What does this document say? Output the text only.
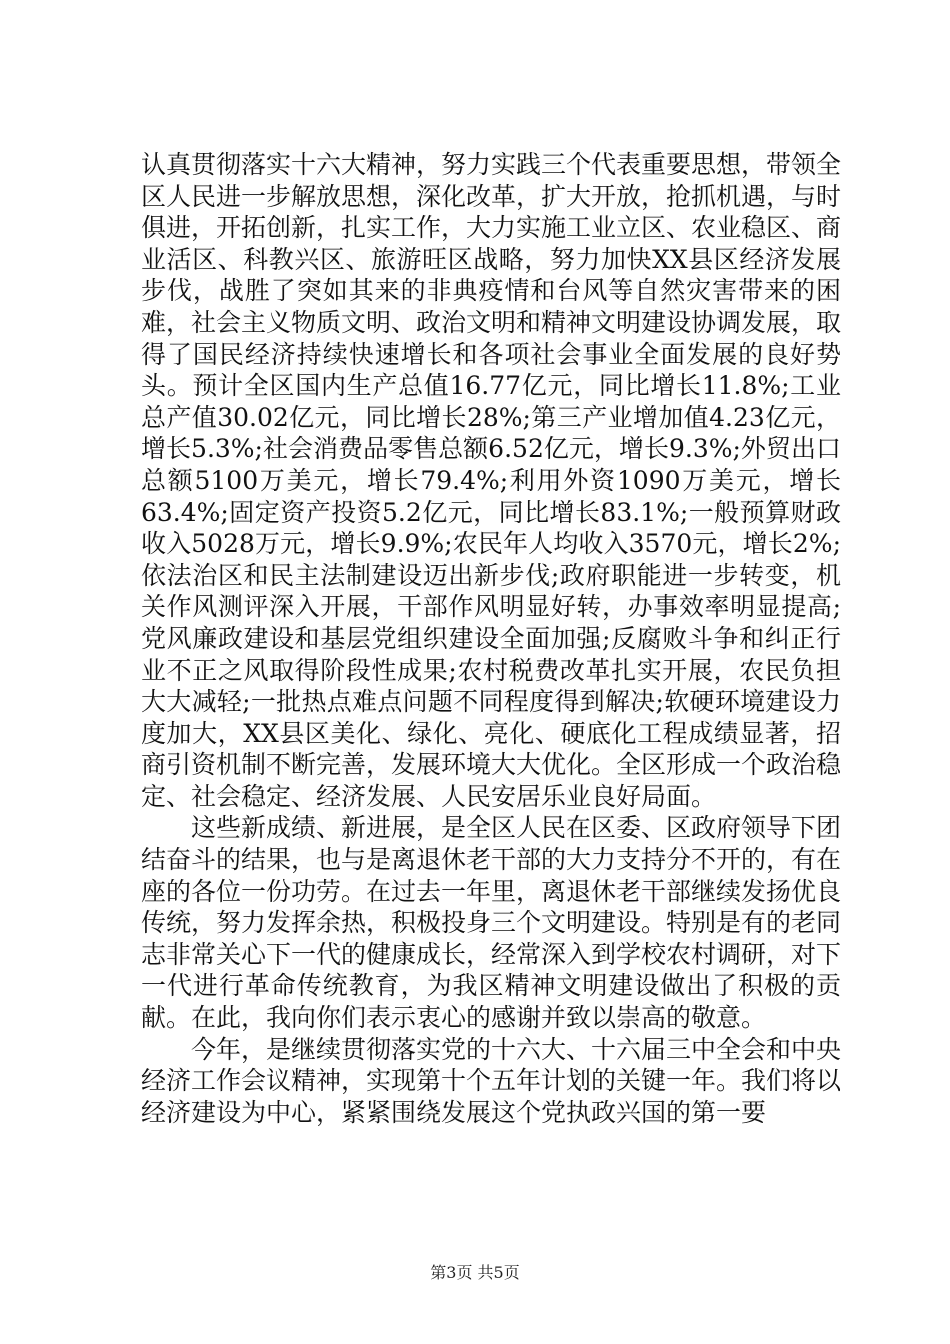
认真贯彻落实十六大精神，努力实践三个代表重要思想，带领全区人民进一步解放思想，深化改革，扩大开放，抢抓机遇，与时俱进，开拓创新，扎实工作，大力实施工业立区、农业稳区、商业活区、科教兴区、旅游旺区战略，努力加快XX县区经济发展步伐，战胜了突如其来的非典疫情和台风等自然灾害带来的困难，社会主义物质文明、政治文明和精神文明建设协调发展，取得了国民经济持续快速增长和各项社会事业全面发展的良好势头。预计全区国内生产总值16.77亿元，同比增长11.8%;工业总产值30.02亿元，同比增长28%;第三产业增加值4.23亿元，增长5.3%;社会消费品零售总额6.52亿元，增长9.3%;外贸出口总额5100万美元，增长79.4%;利用外资1090万美元，增长63.4%;固定资产投资5.2亿元，同比增长83.1%;一般预算财政收入5028万元，增长9.9%;农民年人均收入3570元，增长2%;依法治区和民主法制建设迈出新步伐;政府职能进一步转变，机关作风测评深入开展，干部作风明显好转，办事效率明显提高;党风廉政建设和基层党组织建设全面加强;反腐败斗争和纠正行业不正之风取得阶段性成果;农村税费改革扎实开展，农民负担大大减轻;一批热点难点问题不同程度得到解决;软硬环境建设力度加大，XX县区美化、绿化、亮化、硬底化工程成绩显著，招商引资机制不断完善，发展环境大大优化。全区形成一个政治稳定、社会稳定、经济发展、人民安居乐业良好局面。

这些新成绩、新进展，是全区人民在区委、区政府领导下团结奋斗的结果，也与是离退休老干部的大力支持分不开的，有在座的各位一份功劳。在过去一年里，离退休老干部继续发扬优良传统，努力发挥余热，积极投身三个文明建设。特别是有的老同志非常关心下一代的健康成长，经常深入到学校农村调研，对下一代进行革命传统教育，为我区精神文明建设做出了积极的贡献。在此，我向你们表示衷心的感谢并致以崇高的敬意。

今年，是继续贯彻落实党的十六大、十六届三中全会和中央经济工作会议精神，实现第十个五年计划的关键一年。我们将以经济建设为中心，紧紧围绕发展这个党执政兴国的第一要

第3页 共5页
